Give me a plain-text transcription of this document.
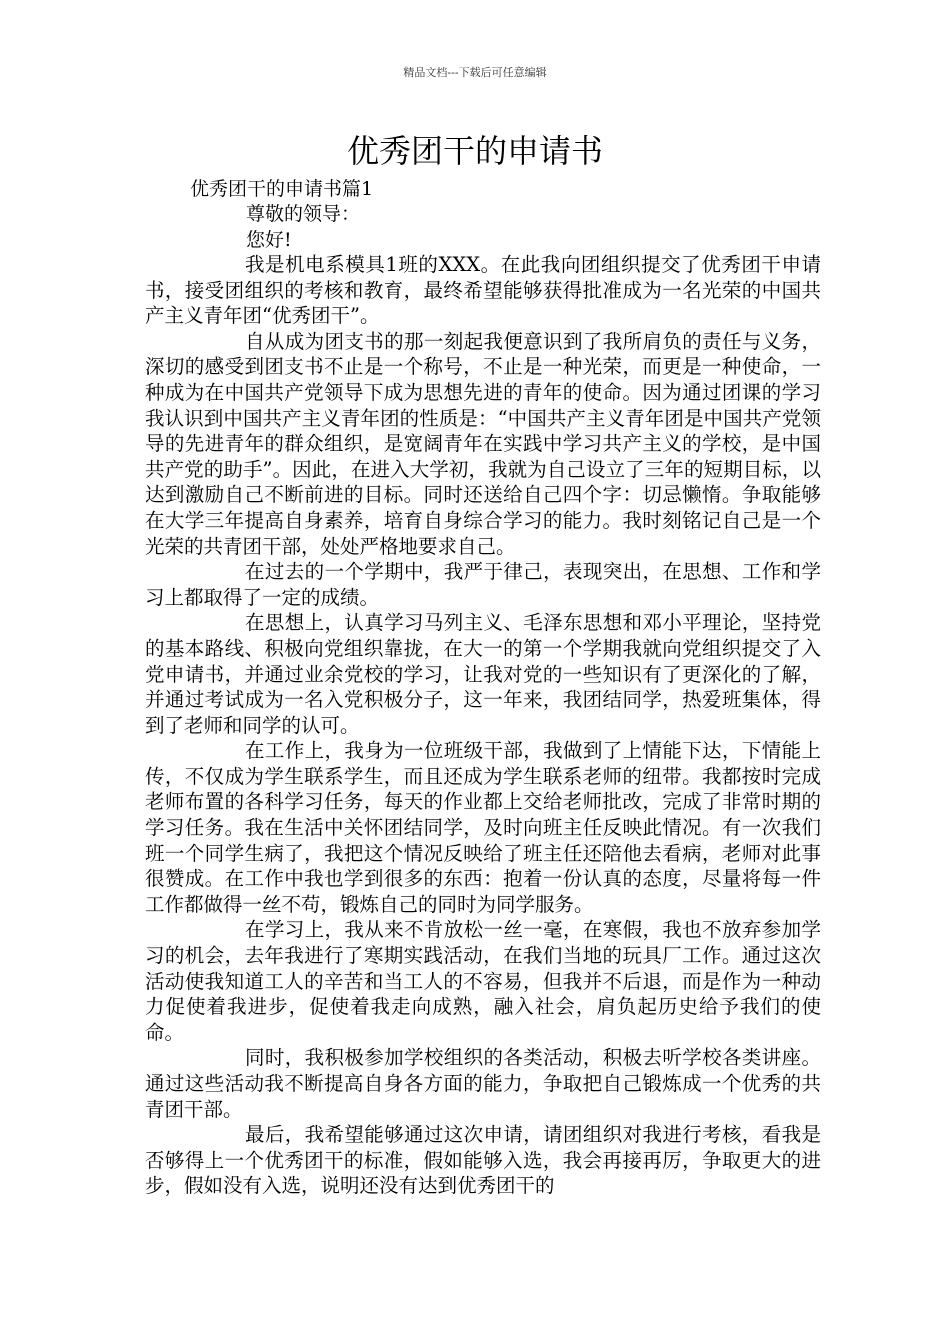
精品文档---下载后可任意编辑
优秀团干的申请书
优秀团干的申请书篇1
尊敬的领导：
您好!

我是机电系模具1班的XXX。在此我向团组织提交了优秀团干申请书，接受团组织的考核和教育，最终希望能够获得批准成为一名光荣的中国共产主义青年团“优秀团干”。

自从成为团支书的那一刻起我便意识到了我所肩负的责任与义务，深切的感受到团支书不止是一个称号，不止是一种光荣，而更是一种使命，一种成为在中国共产党领导下成为思想先进的青年的使命。因为通过团课的学习我认识到中国共产主义青年团的性质是：“中国共产主义青年团是中国共产党领导的先进青年的群众组织，是宽阔青年在实践中学习共产主义的学校，是中国共产党的助手”。因此，在进入大学初，我就为自己设立了三年的短期目标，以达到激励自己不断前进的目标。同时还送给自己四个字：切忌懒惰。争取能够在大学三年提高自身素养，培育自身综合学习的能力。我时刻铭记自己是一个光荣的共青团干部，处处严格地要求自己。

在过去的一个学期中，我严于律己，表现突出，在思想、工作和学习上都取得了一定的成绩。

在思想上，认真学习马列主义、毛泽东思想和邓小平理论，坚持党的基本路线、积极向党组织靠拢，在大一的第一个学期我就向党组织提交了入党申请书，并通过业余党校的学习，让我对党的一些知识有了更深化的了解，并通过考试成为一名入党积极分子，这一年来，我团结同学，热爱班集体，得到了老师和同学的认可。

在工作上，我身为一位班级干部，我做到了上情能下达，下情能上传，不仅成为学生联系学生，而且还成为学生联系老师的纽带。我都按时完成老师布置的各科学习任务，每天的作业都上交给老师批改，完成了非常时期的学习任务。我在生活中关怀团结同学，及时向班主任反映此情况。有一次我们班一个同学生病了，我把这个情况反映给了班主任还陪他去看病，老师对此事很赞成。在工作中我也学到很多的东西：抱着一份认真的态度，尽量将每一件工作都做得一丝不苟，锻炼自己的同时为同学服务。

在学习上，我从来不肯放松一丝一毫，在寒假，我也不放弃参加学习的机会，去年我进行了寒期实践活动，在我们当地的玩具厂工作。通过这次活动使我知道工人的辛苦和当工人的不容易，但我并不后退，而是作为一种动力促使着我进步，促使着我走向成熟，融入社会，肩负起历史给予我们的使命。

同时，我积极参加学校组织的各类活动，积极去听学校各类讲座。通过这些活动我不断提高自身各方面的能力，争取把自己锻炼成一个优秀的共青团干部。

最后，我希望能够通过这次申请，请团组织对我进行考核，看我是否够得上一个优秀团干的标准，假如能够入选，我会再接再厉，争取更大的进步，假如没有入选，说明还没有达到优秀团干的
